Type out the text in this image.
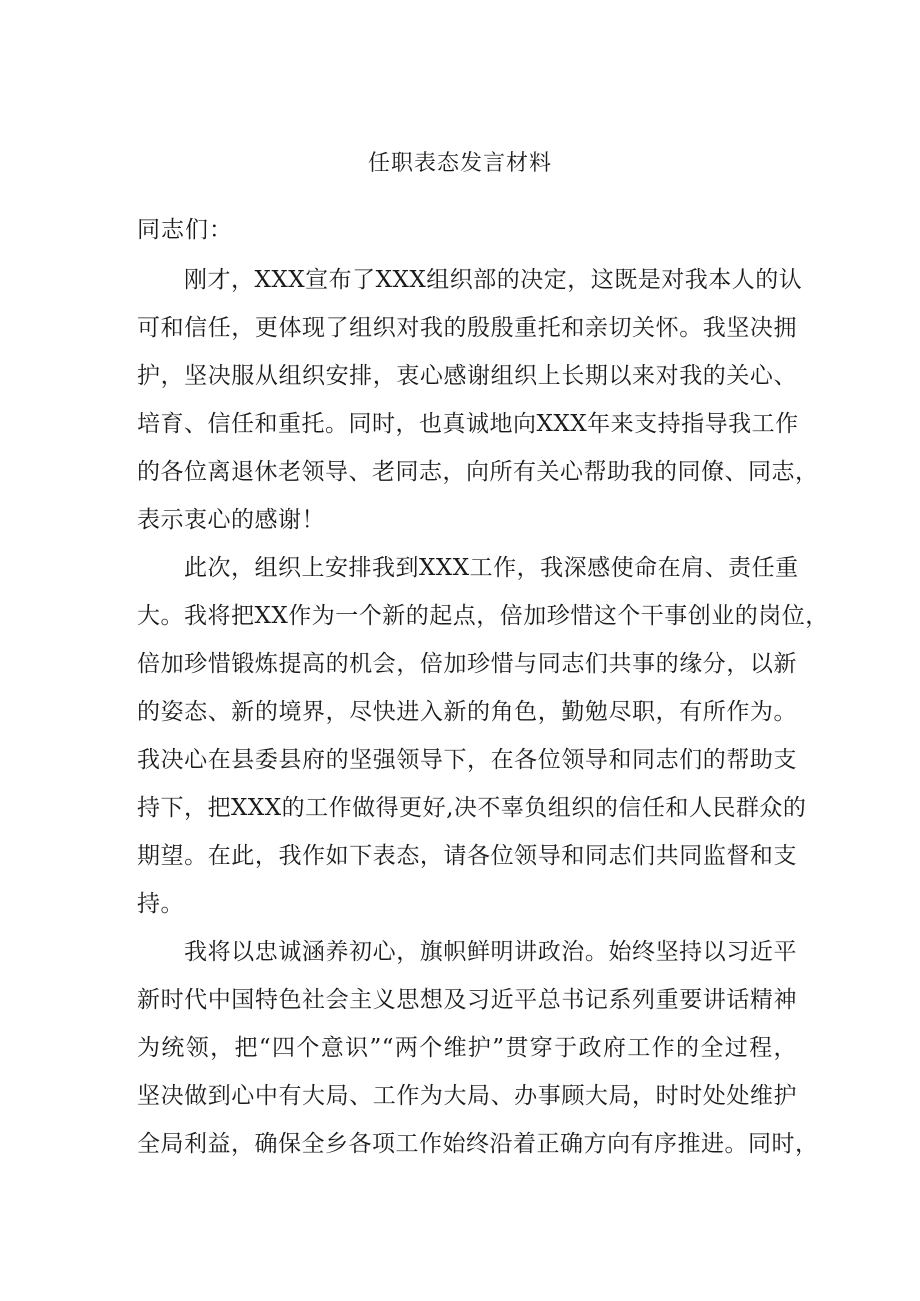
任职表态发言材料
同志们：
刚才，XXX宣布了XXX组织部的决定，这既是对我本人的认
可和信任，更体现了组织对我的殷殷重托和亲切关怀。我坚决拥
护，坚决服从组织安排，衷心感谢组织上长期以来对我的关心、
培育、信任和重托。同时，也真诚地向XXX年来支持指导我工作
的各位离退休老领导、老同志，向所有关心帮助我的同僚、同志，
表示衷心的感谢！
此次，组织上安排我到XXX工作，我深感使命在肩、责任重
大。我将把XX作为一个新的起点，倍加珍惜这个干事创业的岗位，
倍加珍惜锻炼提高的机会，倍加珍惜与同志们共事的缘分，以新
的姿态、新的境界，尽快进入新的角色，勤勉尽职，有所作为。
我决心在县委县府的坚强领导下，在各位领导和同志们的帮助支
持下，把XXX的工作做得更好,决不辜负组织的信任和人民群众的
期望。在此，我作如下表态，请各位领导和同志们共同监督和支
持。
我将以忠诚涵养初心，旗帜鲜明讲政治。始终坚持以习近平
新时代中国特色社会主义思想及习近平总书记系列重要讲话精神
为统领，把“四个意识”“两个维护”贯穿于政府工作的全过程，
坚决做到心中有大局、工作为大局、办事顾大局，时时处处维护
全局利益，确保全乡各项工作始终沿着正确方向有序推进。同时，
